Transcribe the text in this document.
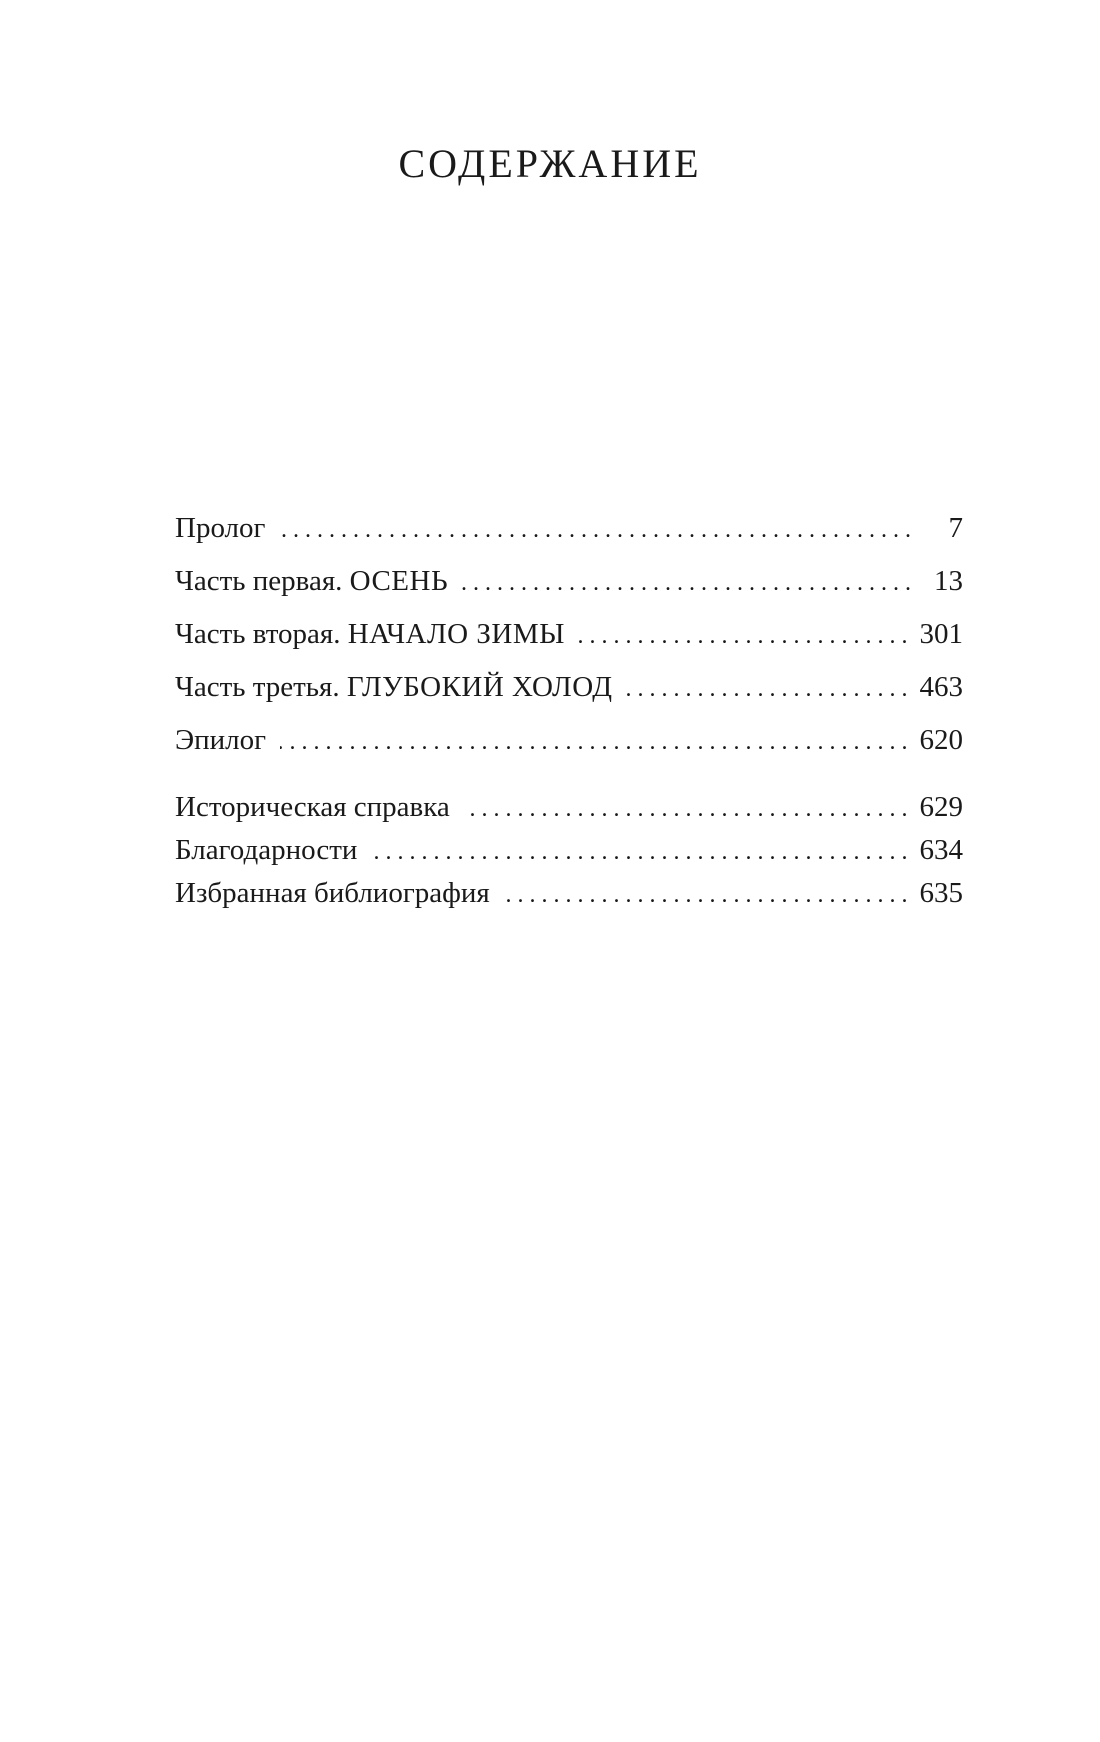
СОДЕРЖАНИЕ
Пролог . . .	7
Часть первая. ОСЕНЬ . . .	13
Часть вторая. НАЧАЛО ЗИМЫ . . .	301
Часть третья. ГЛУБОКИЙ ХОЛОД . . .	463
Эпилог . . .	620
Историческая справка . . .	629
Благодарности . . .	634
Избранная библиография . . .	635
